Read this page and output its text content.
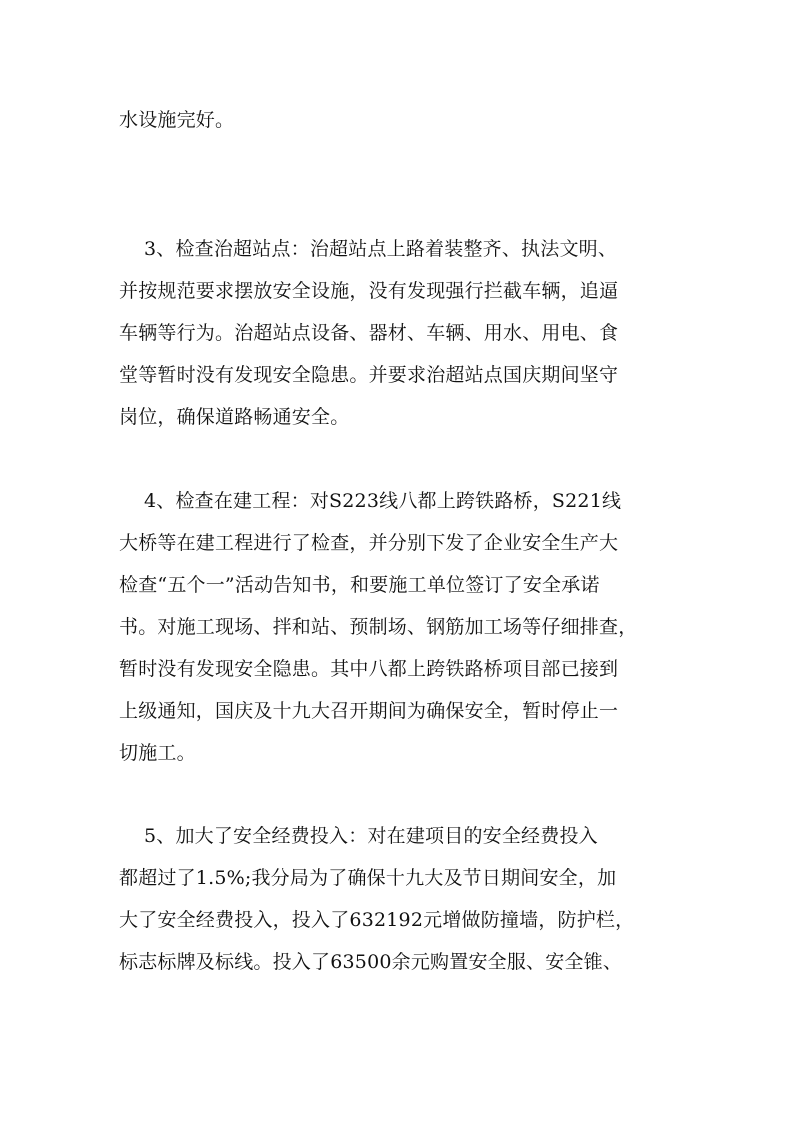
水设施完好。
3、检查治超站点：治超站点上路着装整齐、执法文明、
并按规范要求摆放安全设施，没有发现强行拦截车辆，追逼
车辆等行为。治超站点设备、器材、车辆、用水、用电、食
堂等暂时没有发现安全隐患。并要求治超站点国庆期间坚守
岗位，确保道路畅通安全。
4、检查在建工程：对S223线八都上跨铁路桥，S221线
大桥等在建工程进行了检查，并分别下发了企业安全生产大
检查“五个一”活动告知书，和要施工单位签订了安全承诺
书。对施工现场、拌和站、预制场、钢筋加工场等仔细排查，
暂时没有发现安全隐患。其中八都上跨铁路桥项目部已接到
上级通知，国庆及十九大召开期间为确保安全，暂时停止一
切施工。
5、加大了安全经费投入：对在建项目的安全经费投入
都超过了1.5%;我分局为了确保十九大及节日期间安全，加
大了安全经费投入，投入了632192元增做防撞墙，防护栏，
标志标牌及标线。投入了63500余元购置安全服、安全锥、
